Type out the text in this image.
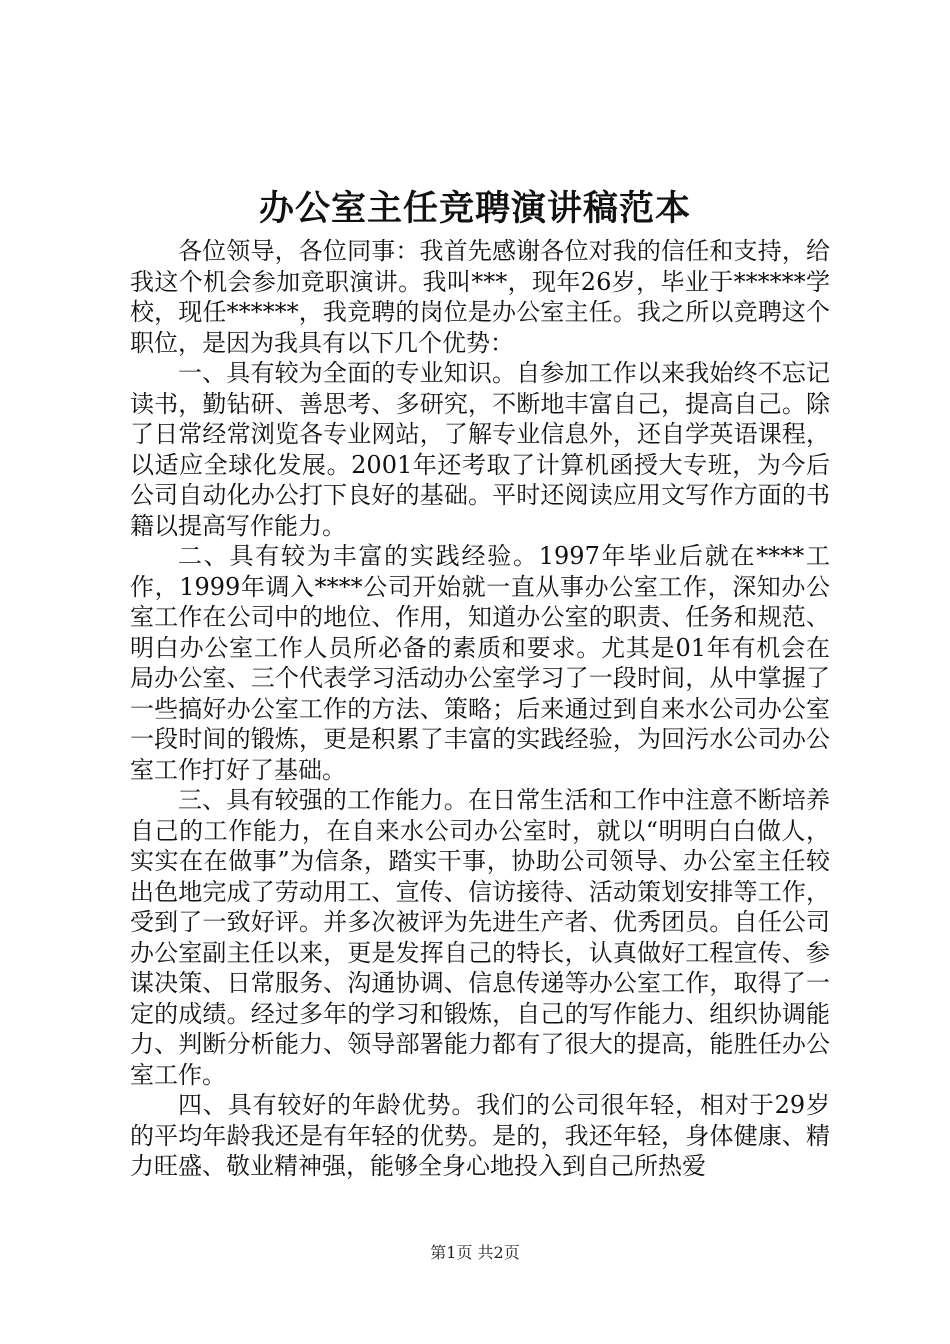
办公室主任竞聘演讲稿范本

各位领导，各位同事：我首先感谢各位对我的信任和支持，给我这个机会参加竞职演讲。我叫***，现年26岁，毕业于******学校，现任******，我竞聘的岗位是办公室主任。我之所以竞聘这个职位，是因为我具有以下几个优势：

一、具有较为全面的专业知识。自参加工作以来我始终不忘记读书，勤钻研、善思考、多研究，不断地丰富自己，提高自己。除了日常经常浏览各专业网站，了解专业信息外，还自学英语课程，以适应全球化发展。2001年还考取了计算机函授大专班，为今后公司自动化办公打下良好的基础。平时还阅读应用文写作方面的书籍以提高写作能力。

二、具有较为丰富的实践经验。1997年毕业后就在****工作，1999年调入****公司开始就一直从事办公室工作，深知办公室工作在公司中的地位、作用，知道办公室的职责、任务和规范、明白办公室工作人员所必备的素质和要求。尤其是01年有机会在局办公室、三个代表学习活动办公室学习了一段时间，从中掌握了一些搞好办公室工作的方法、策略；后来通过到自来水公司办公室一段时间的锻炼，更是积累了丰富的实践经验，为回污水公司办公室工作打好了基础。

三、具有较强的工作能力。在日常生活和工作中注意不断培养自己的工作能力，在自来水公司办公室时，就以“明明白白做人，实实在在做事”为信条，踏实干事，协助公司领导、办公室主任较出色地完成了劳动用工、宣传、信访接待、活动策划安排等工作，受到了一致好评。并多次被评为先进生产者、优秀团员。自任公司办公室副主任以来，更是发挥自己的特长，认真做好工程宣传、参谋决策、日常服务、沟通协调、信息传递等办公室工作，取得了一定的成绩。经过多年的学习和锻炼，自己的写作能力、组织协调能力、判断分析能力、领导部署能力都有了很大的提高，能胜任办公室工作。

四、具有较好的年龄优势。我们的公司很年轻，相对于29岁的平均年龄我还是有年轻的优势。是的，我还年轻，身体健康、精力旺盛、敬业精神强，能够全身心地投入到自己所热爱

第1页 共2页
